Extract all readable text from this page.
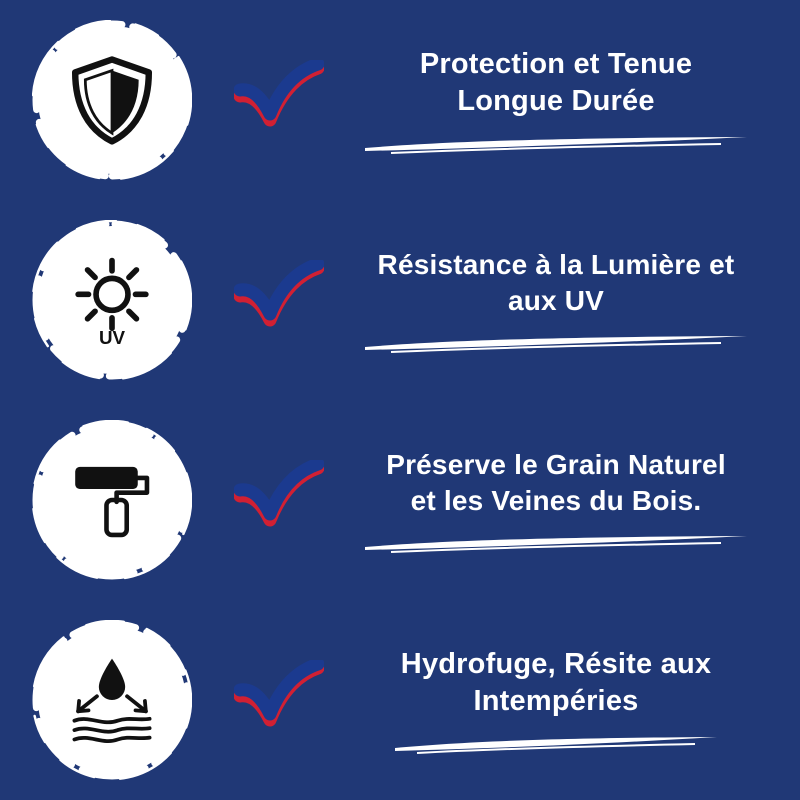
Protection et Tenue
Longue Durée
UV
Résistance à la Lumière et
aux UV
Préserve le Grain Naturel
et les Veines du Bois.
Hydrofuge, Résite aux
Intempéries
